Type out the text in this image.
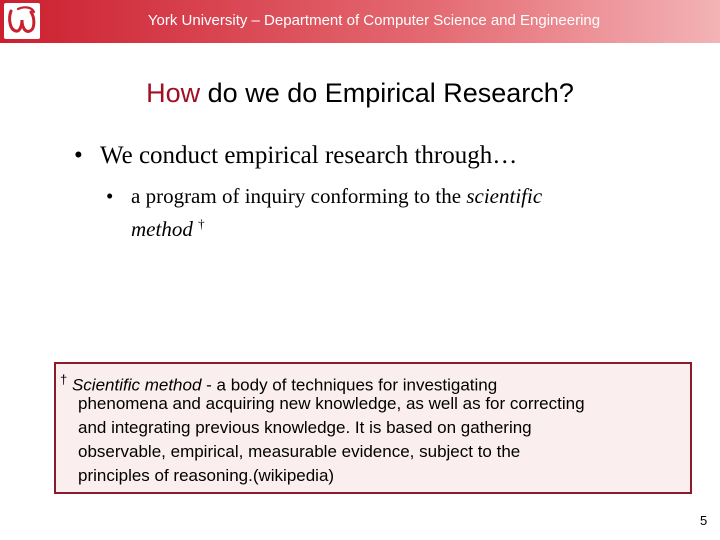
York University – Department of Computer Science and Engineering
How do we do Empirical Research?
• We conduct empirical research through…
• a program of inquiry conforming to the scientific
method †
† Scientific method - a body of techniques for investigating
phenomena and acquiring new knowledge, as well as for correcting
and integrating previous knowledge. It is based on gathering
observable, empirical, measurable evidence, subject to the
principles of reasoning.(wikipedia)
5
